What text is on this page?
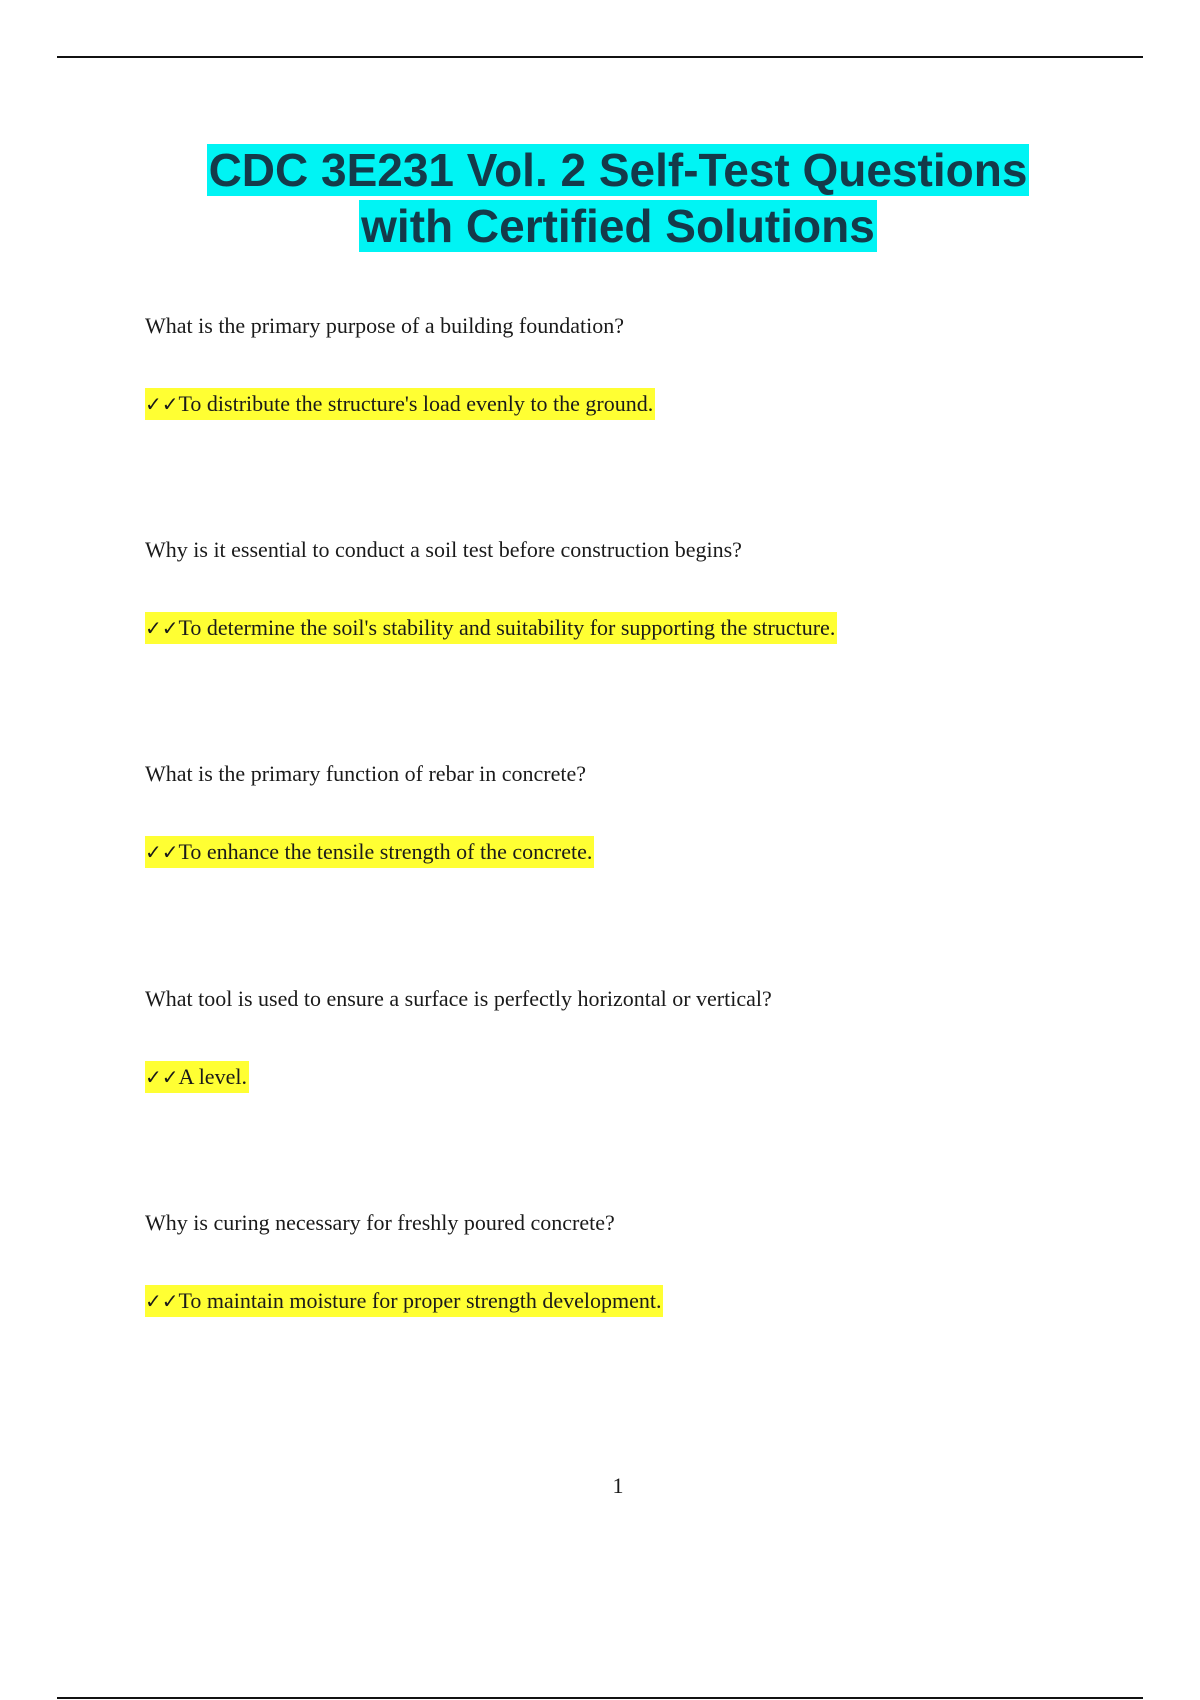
CDC 3E231 Vol. 2 Self-Test Questions
with Certified Solutions
What is the primary purpose of a building foundation?
✓✓To distribute the structure's load evenly to the ground.
Why is it essential to conduct a soil test before construction begins?
✓✓To determine the soil's stability and suitability for supporting the structure.
What is the primary function of rebar in concrete?
✓✓To enhance the tensile strength of the concrete.
What tool is used to ensure a surface is perfectly horizontal or vertical?
✓✓A level.
Why is curing necessary for freshly poured concrete?
✓✓To maintain moisture for proper strength development.
1
